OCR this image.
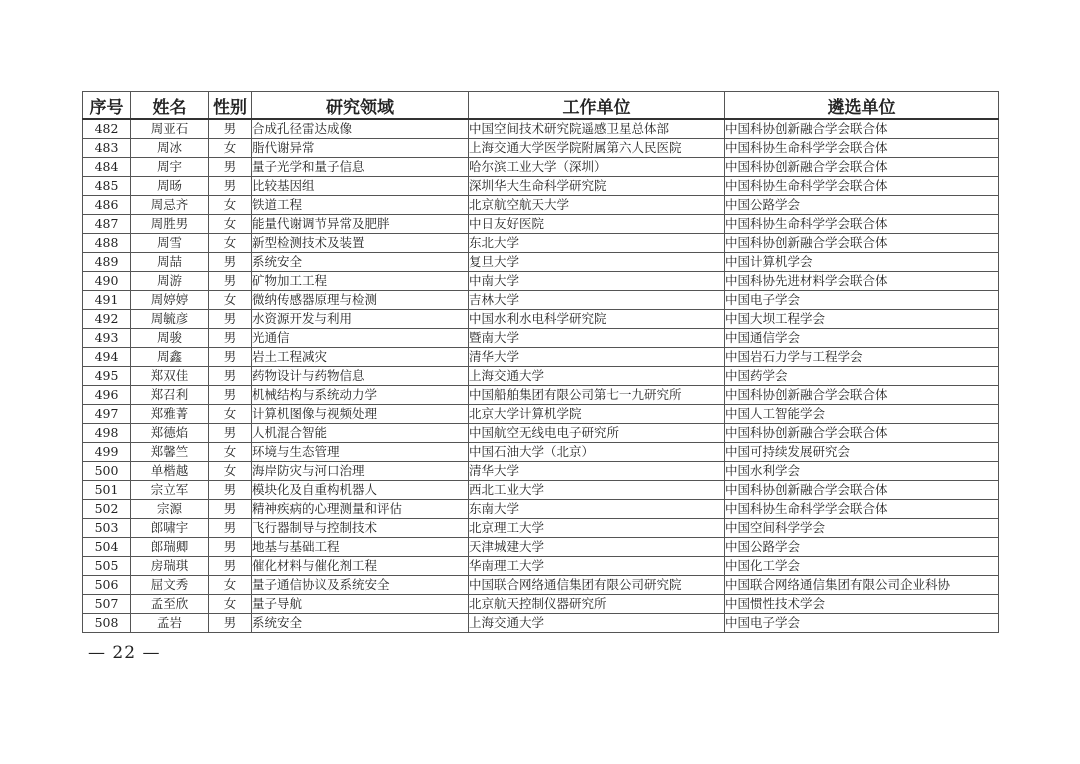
序号	姓名	性别	研究领域	工作单位	遴选单位
482	周亚石	男	合成孔径雷达成像	中国空间技术研究院遥感卫星总体部	中国科协创新融合学会联合体
483	周冰	女	脂代谢异常	上海交通大学医学院附属第六人民医院	中国科协生命科学学会联合体
484	周宇	男	量子光学和量子信息	哈尔滨工业大学（深圳）	中国科协创新融合学会联合体
485	周旸	男	比较基因组	深圳华大生命科学研究院	中国科协生命科学学会联合体
486	周忌齐	女	铁道工程	北京航空航天大学	中国公路学会
487	周胜男	女	能量代谢调节异常及肥胖	中日友好医院	中国科协生命科学学会联合体
488	周雪	女	新型检测技术及装置	东北大学	中国科协创新融合学会联合体
489	周喆	男	系统安全	复旦大学	中国计算机学会
490	周游	男	矿物加工工程	中南大学	中国科协先进材料学会联合体
491	周婷婷	女	微纳传感器原理与检测	吉林大学	中国电子学会
492	周毓彦	男	水资源开发与利用	中国水利水电科学研究院	中国大坝工程学会
493	周骏	男	光通信	暨南大学	中国通信学会
494	周鑫	男	岩土工程减灾	清华大学	中国岩石力学与工程学会
495	郑双佳	男	药物设计与药物信息	上海交通大学	中国药学会
496	郑召利	男	机械结构与系统动力学	中国船舶集团有限公司第七一九研究所	中国科协创新融合学会联合体
497	郑雅菁	女	计算机图像与视频处理	北京大学计算机学院	中国人工智能学会
498	郑德焰	男	人机混合智能	中国航空无线电电子研究所	中国科协创新融合学会联合体
499	郑馨竺	女	环境与生态管理	中国石油大学（北京）	中国可持续发展研究会
500	单楷越	女	海岸防灾与河口治理	清华大学	中国水利学会
501	宗立军	男	模块化及自重构机器人	西北工业大学	中国科协创新融合学会联合体
502	宗源	男	精神疾病的心理测量和评估	东南大学	中国科协生命科学学会联合体
503	郎啸宇	男	飞行器制导与控制技术	北京理工大学	中国空间科学学会
504	郎瑞卿	男	地基与基础工程	天津城建大学	中国公路学会
505	房瑞琪	男	催化材料与催化剂工程	华南理工大学	中国化工学会
506	屈文秀	女	量子通信协议及系统安全	中国联合网络通信集团有限公司研究院	中国联合网络通信集团有限公司企业科协
507	孟至欣	女	量子导航	北京航天控制仪器研究所	中国惯性技术学会
508	孟岩	男	系统安全	上海交通大学	中国电子学会
— 22 —
